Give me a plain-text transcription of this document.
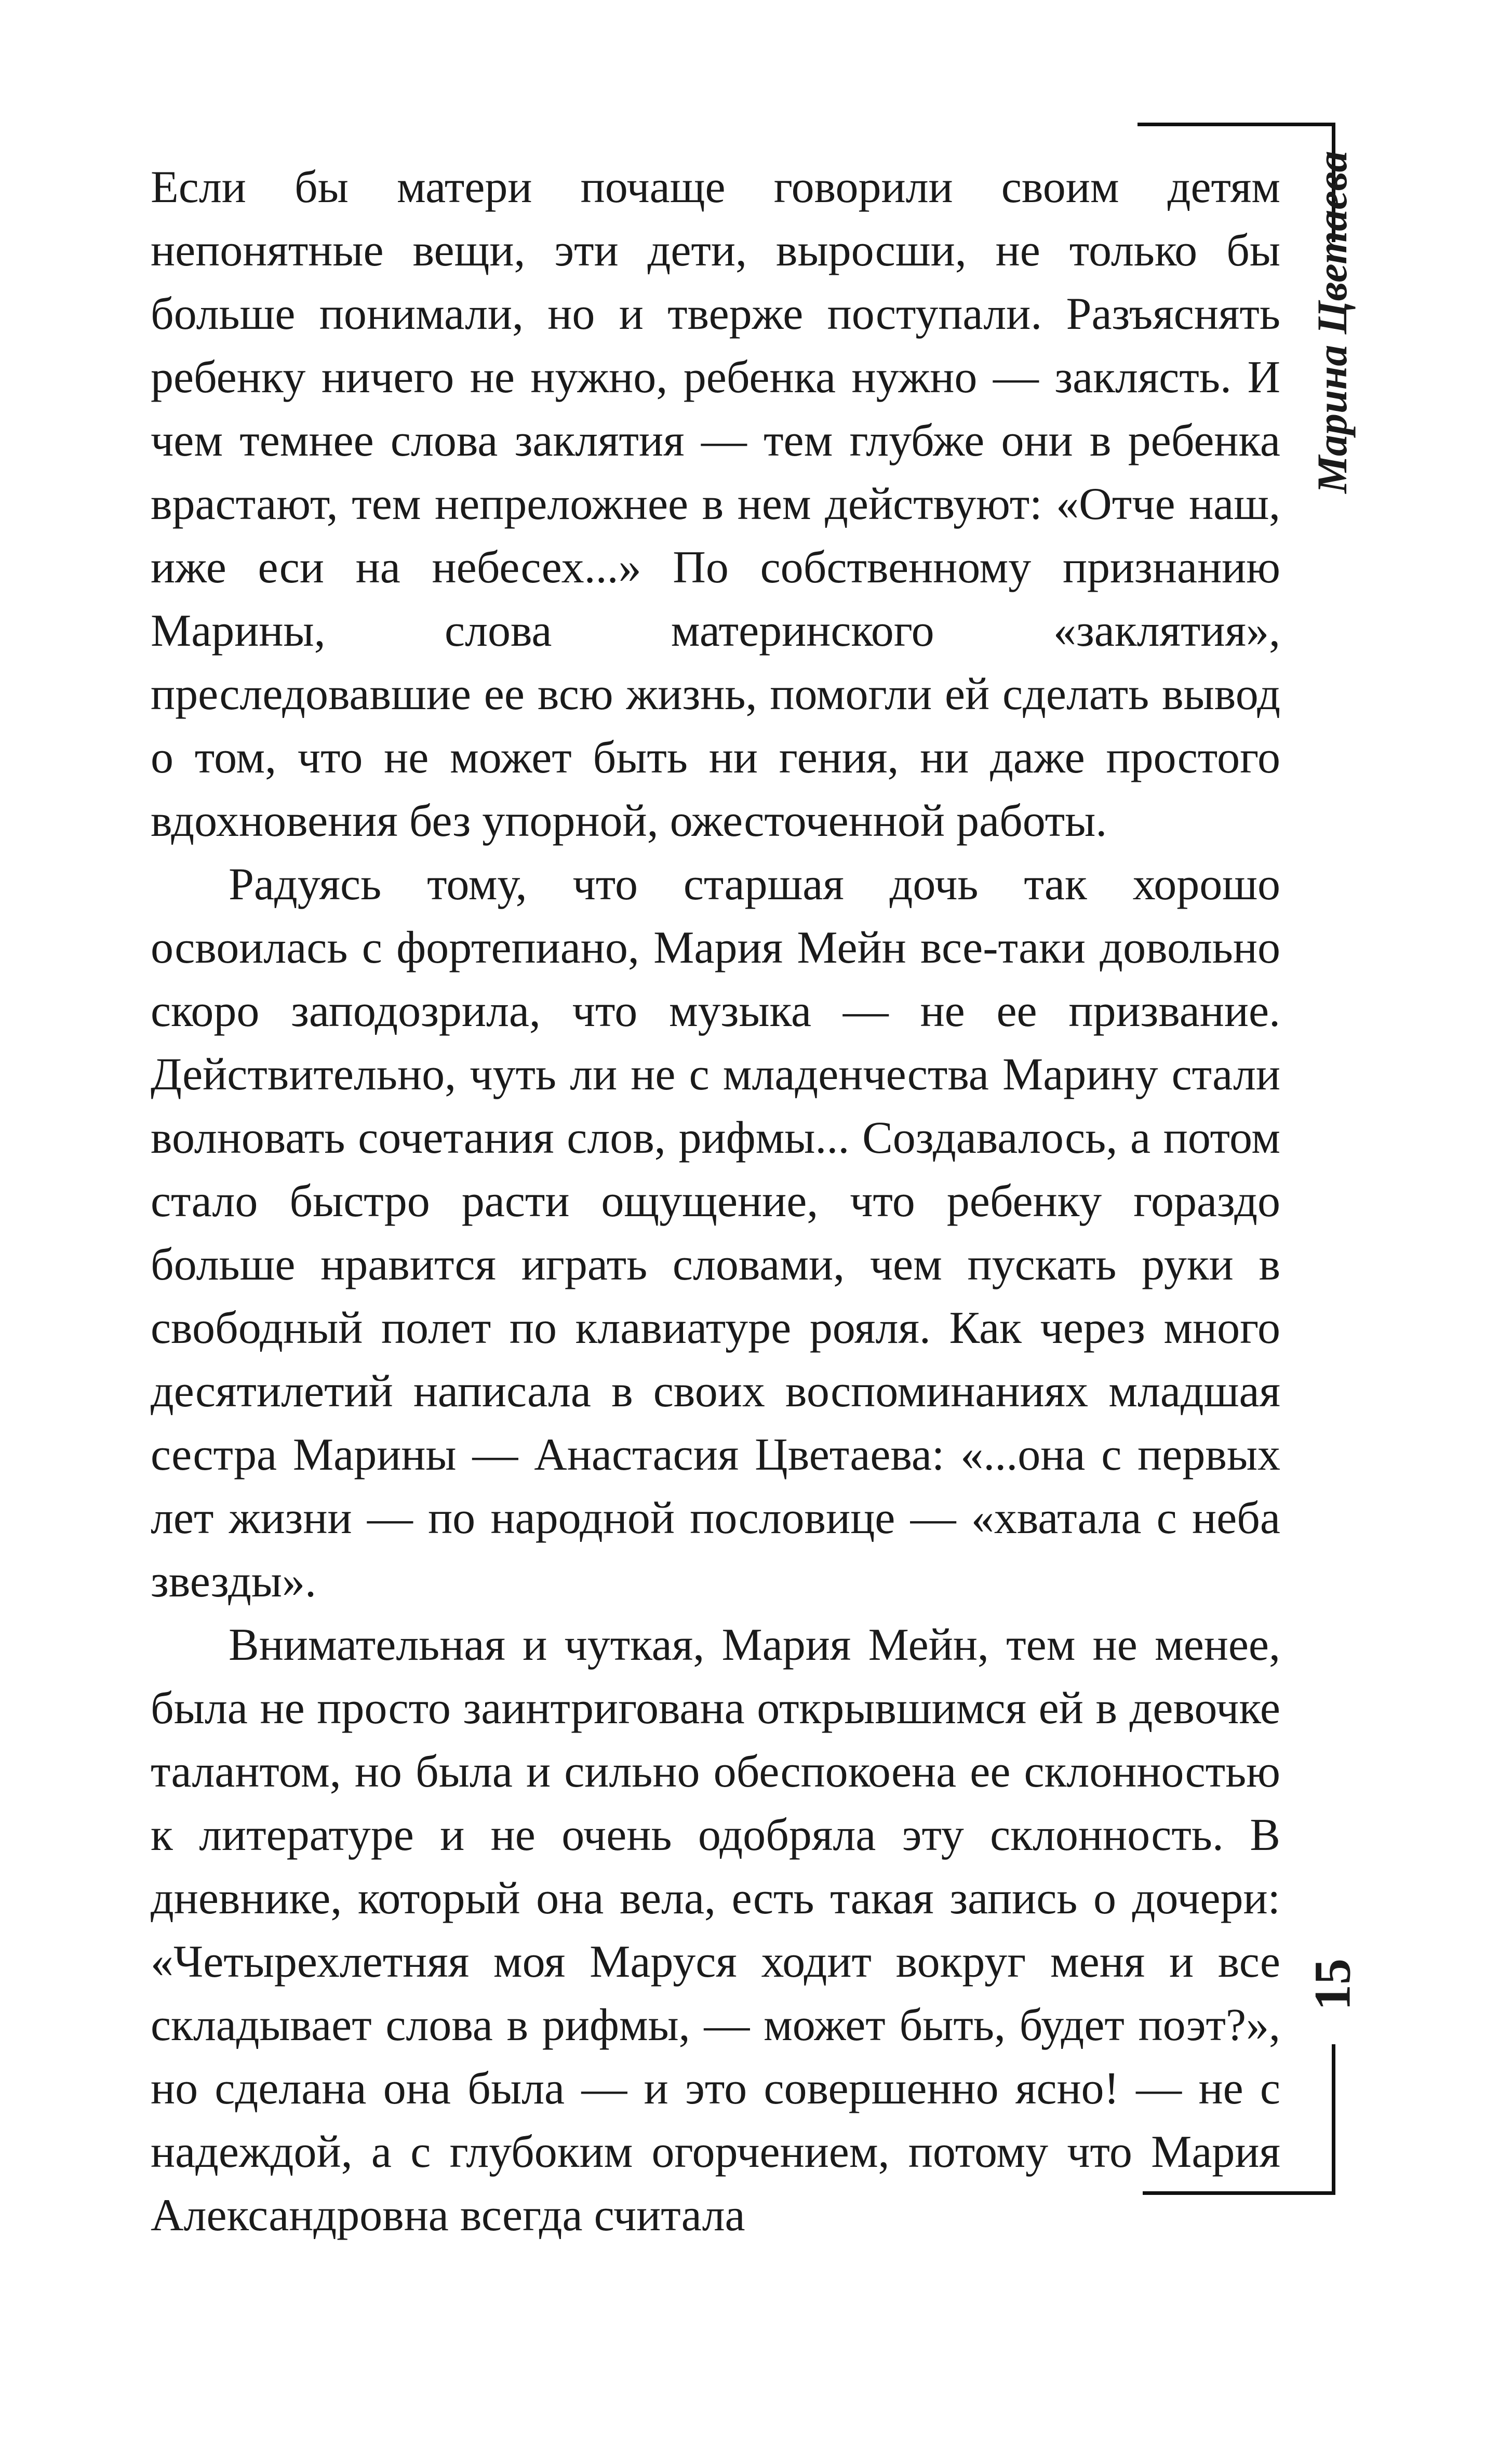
Марина Цветаева
15

Если бы матери почаще говорили своим детям непонятные вещи, эти дети, выросши, не только бы больше понимали, но и тверже поступали. Разъяснять ребенку ничего не нужно, ребенка нужно — заклясть. И чем темнее слова заклятия — тем глубже они в ребенка врастают, тем непреложнее в нем действуют: «Отче наш, иже еси на небесех...» По собственному признанию Марины, слова материнского «заклятия», преследовавшие ее всю жизнь, помогли ей сделать вывод о том, что не может быть ни гения, ни даже простого вдохновения без упорной, ожесточенной работы.

Радуясь тому, что старшая дочь так хорошо освоилась с фортепиано, Мария Мейн все-таки довольно скоро заподозрила, что музыка — не ее призвание. Действительно, чуть ли не с младенчества Марину стали волновать сочетания слов, рифмы... Создавалось, а потом стало быстро расти ощущение, что ребенку гораздо больше нравится играть словами, чем пускать руки в свободный полет по клавиатуре рояля. Как через много десятилетий написала в своих воспоминаниях младшая сестра Марины — Анастасия Цветаева: «...она с первых лет жизни — по народной пословице — «хватала с неба звезды».

Внимательная и чуткая, Мария Мейн, тем не менее, была не просто заинтригована открывшимся ей в девочке талантом, но была и сильно обеспокоена ее склонностью к литературе и не очень одобряла эту склонность. В дневнике, который она вела, есть такая запись о дочери: «Четырехлетняя моя Маруся ходит вокруг меня и все складывает слова в рифмы, — может быть, будет поэт?», но сделана она была — и это совершенно ясно! — не с надеждой, а с глубоким огорчением, потому что Мария Александровна всегда считала
